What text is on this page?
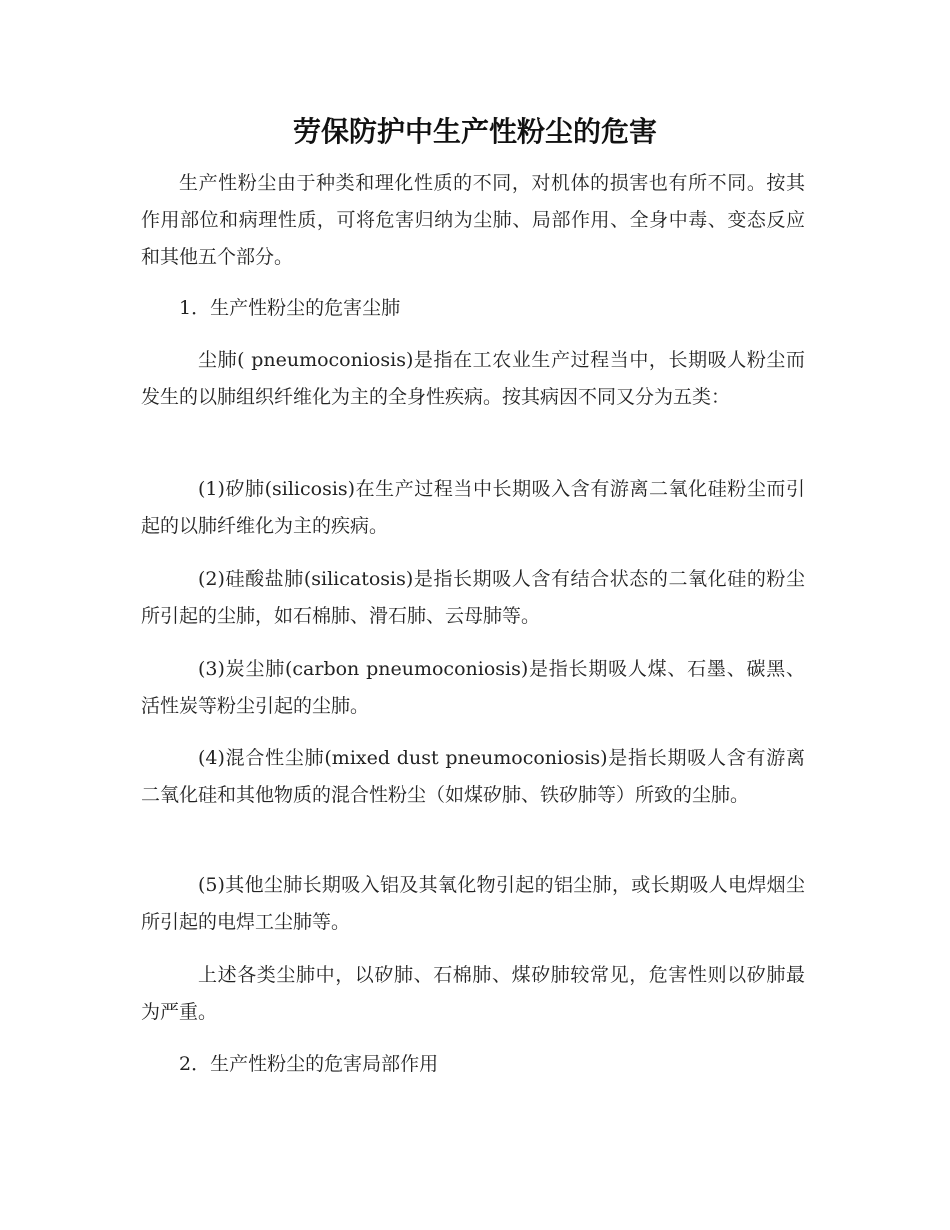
劳保防护中生产性粉尘的危害

生产性粉尘由于种类和理化性质的不同，对机体的损害也有所不同。按其作用部位和病理性质，可将危害归纳为尘肺、局部作用、全身中毒、变态反应和其他五个部分。

1．生产性粉尘的危害尘肺

尘肺( pneumoconiosis)是指在工农业生产过程当中，长期吸人粉尘而发生的以肺组织纤维化为主的全身性疾病。按其病因不同又分为五类：

(1)矽肺(silicosis)在生产过程当中长期吸入含有游离二氧化硅粉尘而引起的以肺纤维化为主的疾病。

(2)硅酸盐肺(silicatosis)是指长期吸人含有结合状态的二氧化硅的粉尘所引起的尘肺，如石棉肺、滑石肺、云母肺等。

(3)炭尘肺(carbon pneumoconiosis)是指长期吸人煤、石墨、碳黑、活性炭等粉尘引起的尘肺。

(4)混合性尘肺(mixed dust pneumoconiosis)是指长期吸人含有游离二氧化硅和其他物质的混合性粉尘（如煤矽肺、铁矽肺等）所致的尘肺。

(5)其他尘肺长期吸入铝及其氧化物引起的铝尘肺，或长期吸人电焊烟尘所引起的电焊工尘肺等。

上述各类尘肺中，以矽肺、石棉肺、煤矽肺较常见，危害性则以矽肺最为严重。

2．生产性粉尘的危害局部作用
